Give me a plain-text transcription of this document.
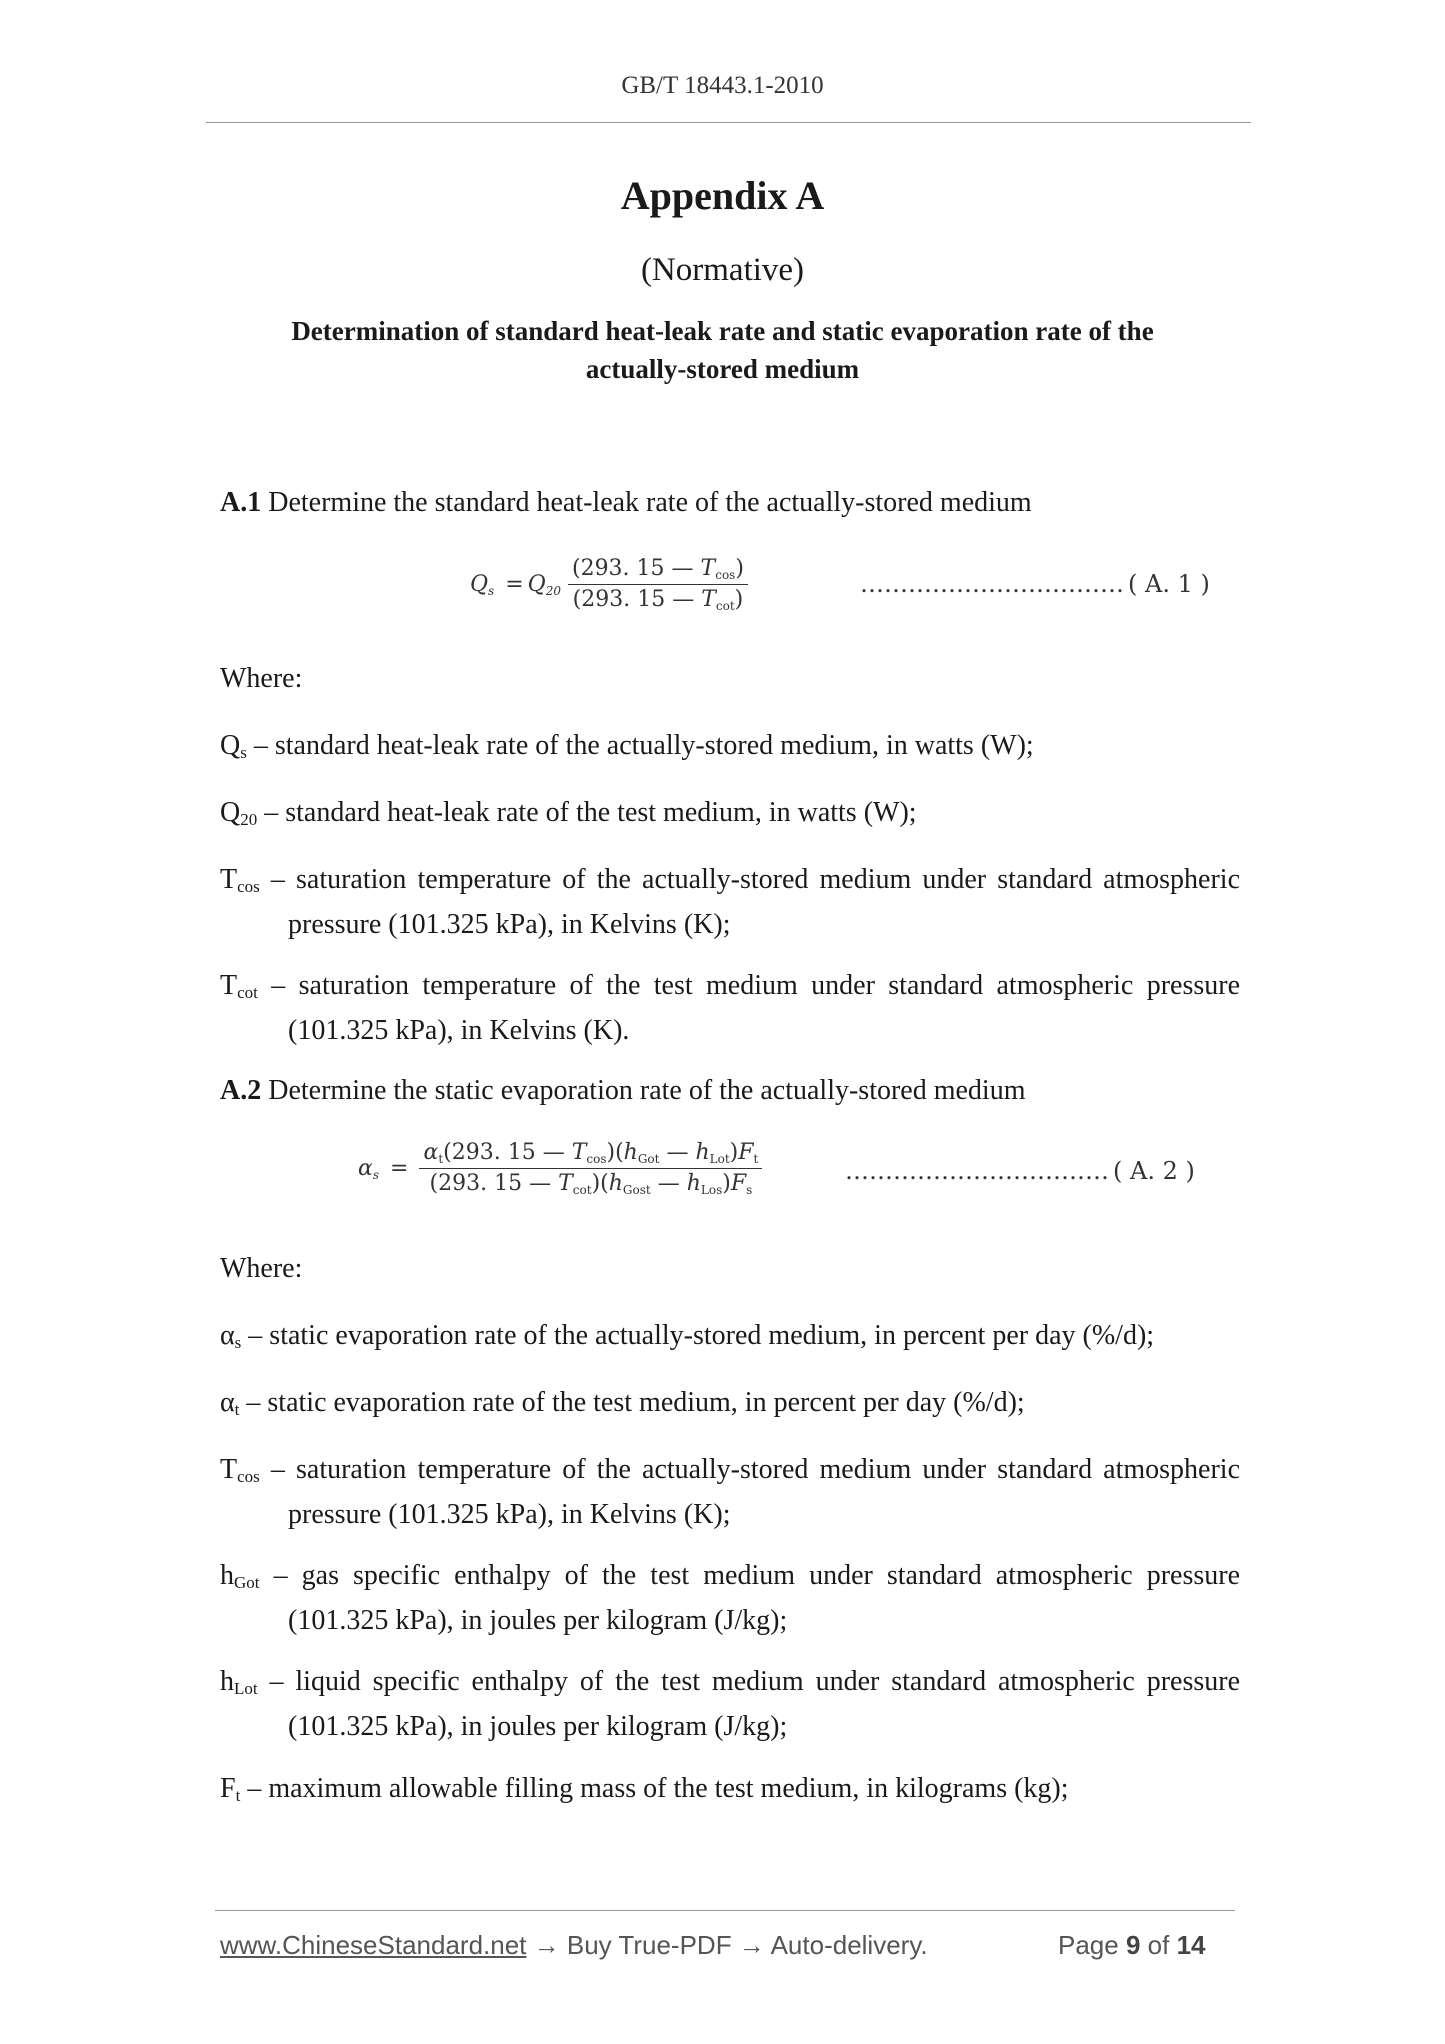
GB/T 18443.1-2010
Appendix A
(Normative)
Determination of standard heat-leak rate and static evaporation rate of the actually-stored medium
A.1 Determine the standard heat-leak rate of the actually-stored medium
$Q_s = Q_{20} \frac{(293. 15 — T_{cos})}{(293. 15 — T_{cot})}$	…………………………… ( A. 1 )
Where:
$Q_s$ – standard heat-leak rate of the actually-stored medium, in watts (W);
$Q_{20}$ – standard heat-leak rate of the test medium, in watts (W);
$T_{cos}$ – saturation temperature of the actually-stored medium under standard atmospheric pressure (101.325 kPa), in Kelvins (K);
$T_{cot}$ – saturation temperature of the test medium under standard atmospheric pressure (101.325 kPa), in Kelvins (K).
A.2 Determine the static evaporation rate of the actually-stored medium
$\alpha_s = \frac{\alpha_t(293. 15 — T_{cos})(h_{Got} — h_{Lot})F_t}{(293. 15 — T_{cot})(h_{Gost} — h_{Los})F_s}$	…………………………… ( A. 2 )
Where:
$\alpha_s$ – static evaporation rate of the actually-stored medium, in percent per day (%/d);
$\alpha_t$ – static evaporation rate of the test medium, in percent per day (%/d);
$T_{cos}$ – saturation temperature of the actually-stored medium under standard atmospheric pressure (101.325 kPa), in Kelvins (K);
$h_{Got}$ – gas specific enthalpy of the test medium under standard atmospheric pressure (101.325 kPa), in joules per kilogram (J/kg);
$h_{Lot}$ – liquid specific enthalpy of the test medium under standard atmospheric pressure (101.325 kPa), in joules per kilogram (J/kg);
$F_t$ – maximum allowable filling mass of the test medium, in kilograms (kg);
www.ChineseStandard.net → Buy True-PDF → Auto-delivery.	Page 9 of 14
